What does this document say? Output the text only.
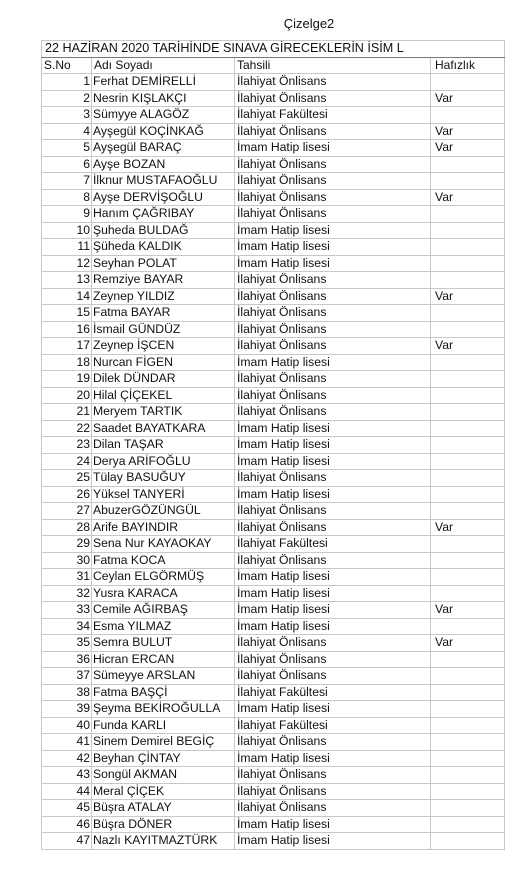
Çizelge2
22 HAZİRAN 2020 TARİHİNDE SINAVA GİRECEKLERİN İSİM L			
S.No	Adı Soyadı	Tahsili	Hafızlık
1	Ferhat DEMİRELLİ	İlahiyat Önlisans	
2	Nesrin KIŞLAKÇI	İlahiyat Önlisans	Var
3	Sümyye ALAGÖZ	İlahiyat Fakültesi	
4	Ayşegül KOÇİNKAĞ	İlahiyat Önlisans	Var
5	Ayşegül BARAÇ	İmam Hatip lisesi	Var
6	Ayşe BOZAN	İlahiyat Önlisans	
7	İlknur MUSTAFAOĞLU	İlahiyat Önlisans	
8	Ayşe DERVİŞOĞLU	İlahiyat Önlisans	Var
9	Hanım ÇAĞRIBAY	İlahiyat Önlisans	
10	Şuheda BULDAĞ	İmam Hatip lisesi	
11	Şüheda KALDIK	İmam Hatip lisesi	
12	Seyhan POLAT	İmam Hatip lisesi	
13	Remziye BAYAR	İlahiyat Önlisans	
14	Zeynep YILDIZ	İlahiyat Önlisans	Var
15	Fatma BAYAR	İlahiyat Önlisans	
16	İsmail GÜNDÜZ	İlahiyat Önlisans	
17	Zeynep İŞCEN	İlahiyat Önlisans	Var
18	Nurcan FİGEN	İmam Hatip lisesi	
19	Dilek DÜNDAR	İlahiyat Önlisans	
20	Hilal ÇİÇEKEL	İlahiyat Önlisans	
21	Meryem TARTIK	İlahiyat Önlisans	
22	Saadet BAYATKARA	İmam Hatip lisesi	
23	Dilan TAŞAR	İmam Hatip lisesi	
24	Derya ARİFOĞLU	İmam Hatip lisesi	
25	Tülay BASUĞUY	İlahiyat Önlisans	
26	Yüksel TANYERİ	İmam Hatip lisesi	
27	AbuzerGÖZÜNGÜL	İlahiyat Önlisans	
28	Arife BAYINDIR	İlahiyat Önlisans	Var
29	Sena Nur KAYAOKAY	İlahiyat Fakültesi	
30	Fatma KOCA	İlahiyat Önlisans	
31	Ceylan ELGÖRMÜŞ	İmam Hatip lisesi	
32	Yusra KARACA	İmam Hatip lisesi	
33	Cemile AĞIRBAŞ	İmam Hatip lisesi	Var
34	Esma YILMAZ	İmam Hatip lisesi	
35	Semra BULUT	İlahiyat Önlisans	Var
36	Hicran ERCAN	İlahiyat Önlisans	
37	Sümeyye ARSLAN	İlahiyat Önlisans	
38	Fatma BAŞÇİ	İlahiyat Fakültesi	
39	Şeyma BEKİROĞULLA	İmam Hatip lisesi	
40	Funda KARLI	İlahiyat Fakültesi	
41	Sinem Demirel BEGİÇ	İlahiyat Önlisans	
42	Beyhan ÇİNTAY	İmam Hatip lisesi	
43	Songül AKMAN	İlahiyat Önlisans	
44	Meral ÇİÇEK	İlahiyat Önlisans	
45	Büşra ATALAY	İlahiyat Önlisans	
46	Büşra DÖNER	İmam Hatip lisesi	
47	Nazlı KAYITMAZTÜRK	İmam Hatip lisesi	
